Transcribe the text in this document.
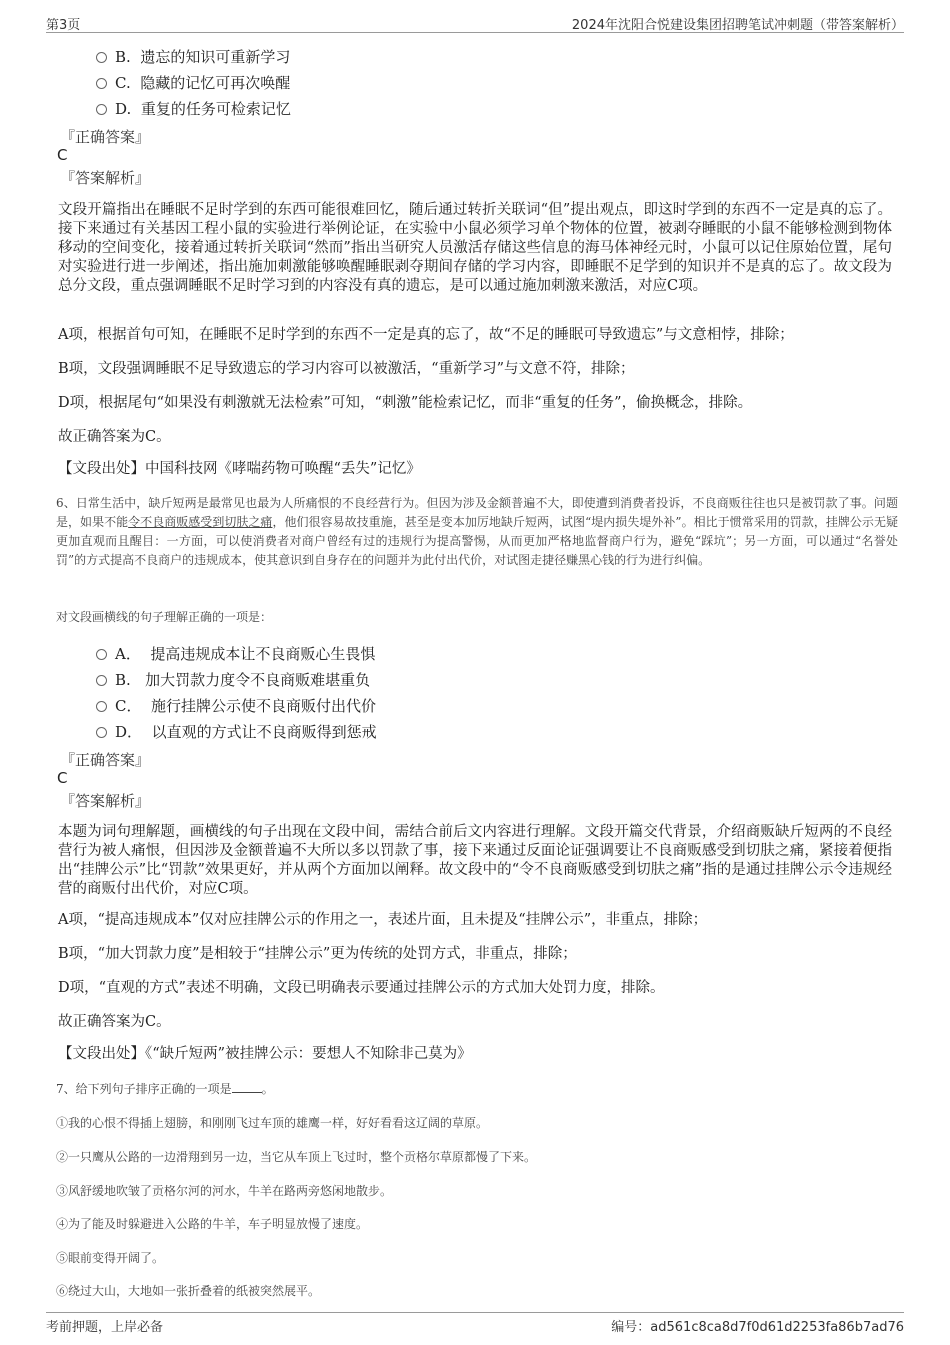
第3页	2024年沈阳合悦建设集团招聘笔试冲刺题（带答案解析）
B. 遗忘的知识可重新学习
C. 隐藏的记忆可再次唤醒
D. 重复的任务可检索记忆
『正确答案』
C
『答案解析』
文段开篇指出在睡眠不足时学到的东西可能很难回忆，随后通过转折关联词“但”提出观点，即这时学到的东西不一定是真的忘了。接下来通过有关基因工程小鼠的实验进行举例论证，在实验中小鼠必须学习单个物体的位置，被剥夺睡眠的小鼠不能够检测到物体移动的空间变化，接着通过转折关联词“然而”指出当研究人员激活存储这些信息的海马体神经元时，小鼠可以记住原始位置，尾句对实验进行进一步阐述，指出施加刺激能够唤醒睡眠剥夺期间存储的学习内容，即睡眠不足学到的知识并不是真的忘了。故文段为总分文段，重点强调睡眠不足时学习到的内容没有真的遗忘，是可以通过施加刺激来激活，对应C项。
A项，根据首句可知，在睡眠不足时学到的东西不一定是真的忘了，故“不足的睡眠可导致遗忘”与文意相悖，排除；
B项，文段强调睡眠不足导致遗忘的学习内容可以被激活，“重新学习”与文意不符，排除；
D项，根据尾句“如果没有刺激就无法检索”可知，“刺激”能检索记忆，而非“重复的任务”，偷换概念，排除。
故正确答案为C。
【文段出处】中国科技网《哮喘药物可唤醒“丢失”记忆》
6、日常生活中，缺斤短两是最常见也最为人所痛恨的不良经营行为。但因为涉及金额普遍不大，即使遭到消费者投诉，不良商贩往往也只是被罚款了事。问题是，如果不能令不良商贩感受到切肤之痛，他们很容易故技重施，甚至是变本加厉地缺斤短两，试图“堤内损失堤外补”。相比于惯常采用的罚款，挂牌公示无疑更加直观而且醒目：一方面，可以使消费者对商户曾经有过的违规行为提高警惕，从而更加严格地监督商户行为，避免“踩坑”；另一方面，可以通过“名誉处罚”的方式提高不良商户的违规成本，使其意识到自身存在的问题并为此付出代价，对试图走捷径赚黑心钱的行为进行纠偏。
对文段画横线的句子理解正确的一项是：
A． 提高违规成本让不良商贩心生畏惧
B. 加大罚款力度令不良商贩难堪重负
C． 施行挂牌公示使不良商贩付出代价
D． 以直观的方式让不良商贩得到惩戒
『正确答案』
C
『答案解析』
本题为词句理解题，画横线的句子出现在文段中间，需结合前后文内容进行理解。文段开篇交代背景，介绍商贩缺斤短两的不良经营行为被人痛恨，但因涉及金额普遍不大所以多以罚款了事，接下来通过反面论证强调要让不良商贩感受到切肤之痛，紧接着便指出“挂牌公示”比“罚款”效果更好，并从两个方面加以阐释。故文段中的“令不良商贩感受到切肤之痛”指的是通过挂牌公示令违规经营的商贩付出代价，对应C项。
A项，“提高违规成本”仅对应挂牌公示的作用之一，表述片面，且未提及“挂牌公示”，非重点，排除；
B项，“加大罚款力度”是相较于“挂牌公示”更为传统的处罚方式，非重点，排除；
D项，“直观的方式”表述不明确，文段已明确表示要通过挂牌公示的方式加大处罚力度，排除。
故正确答案为C。
【文段出处】《“缺斤短两”被挂牌公示：要想人不知除非己莫为》
7、给下列句子排序正确的一项是	。
①我的心恨不得插上翅膀，和刚刚飞过车顶的雄鹰一样，好好看看这辽阔的草原。
②一只鹰从公路的一边滑翔到另一边，当它从车顶上飞过时，整个贡格尔草原都慢了下来。
③风舒缓地吹皱了贡格尔河的河水，牛羊在路两旁悠闲地散步。
④为了能及时躲避进入公路的牛羊，车子明显放慢了速度。
⑤眼前变得开阔了。
⑥绕过大山，大地如一张折叠着的纸被突然展平。
考前押题，上岸必备	编号：ad561c8ca8d7f0d61d2253fa86b7ad76
